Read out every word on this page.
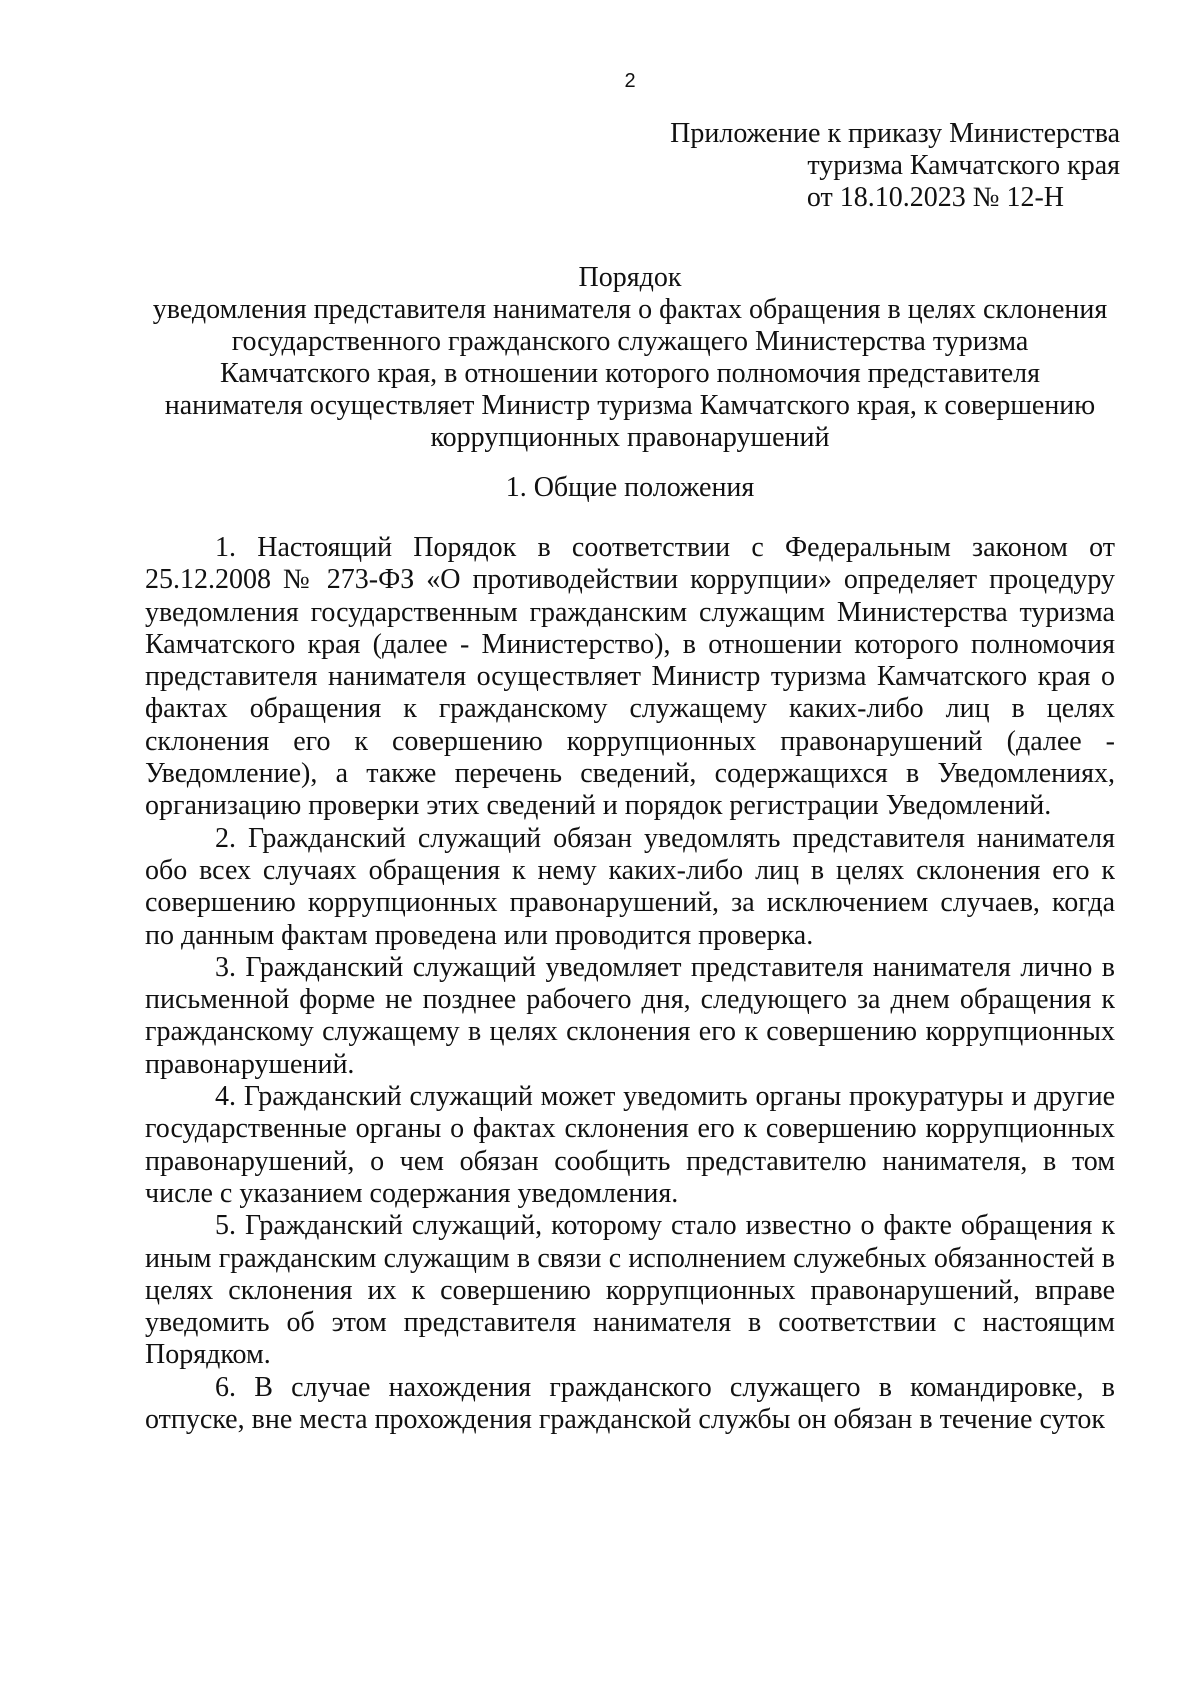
2
Приложение к приказу Министерства
туризма Камчатского края
от 18.10.2023 № 12-Н
Порядок
уведомления представителя нанимателя о фактах обращения в целях склонения
государственного гражданского служащего Министерства туризма
Камчатского края, в отношении которого полномочия представителя
нанимателя осуществляет Министр туризма Камчатского края, к совершению
коррупционных правонарушений
1. Общие положения

1. Настоящий Порядок в соответствии с Федеральным законом от 25.12.2008 № 273-ФЗ «О противодействии коррупции» определяет процедуру уведомления государственным гражданским служащим Министерства туризма Камчатского края (далее - Министерство), в отношении которого полномочия представителя нанимателя осуществляет Министр туризма Камчатского края о фактах обращения к гражданскому служащему каких-либо лиц в целях склонения его к совершению коррупционных правонарушений (далее - Уведомление), а также перечень сведений, содержащихся в Уведомлениях, организацию проверки этих сведений и порядок регистрации Уведомлений.

2. Гражданский служащий обязан уведомлять представителя нанимателя обо всех случаях обращения к нему каких-либо лиц в целях склонения его к совершению коррупционных правонарушений, за исключением случаев, когда по данным фактам проведена или проводится проверка.

3. Гражданский служащий уведомляет представителя нанимателя лично в письменной форме не позднее рабочего дня, следующего за днем обращения к гражданскому служащему в целях склонения его к совершению коррупционных правонарушений.

4. Гражданский служащий может уведомить органы прокуратуры и другие государственные органы о фактах склонения его к совершению коррупционных правонарушений, о чем обязан сообщить представителю нанимателя, в том числе с указанием содержания уведомления.

5. Гражданский служащий, которому стало известно о факте обращения к иным гражданским служащим в связи с исполнением служебных обязанностей в целях склонения их к совершению коррупционных правонарушений, вправе уведомить об этом представителя нанимателя в соответствии с настоящим Порядком.

6. В случае нахождения гражданского служащего в командировке, в отпуске, вне места прохождения гражданской службы он обязан в течение суток
